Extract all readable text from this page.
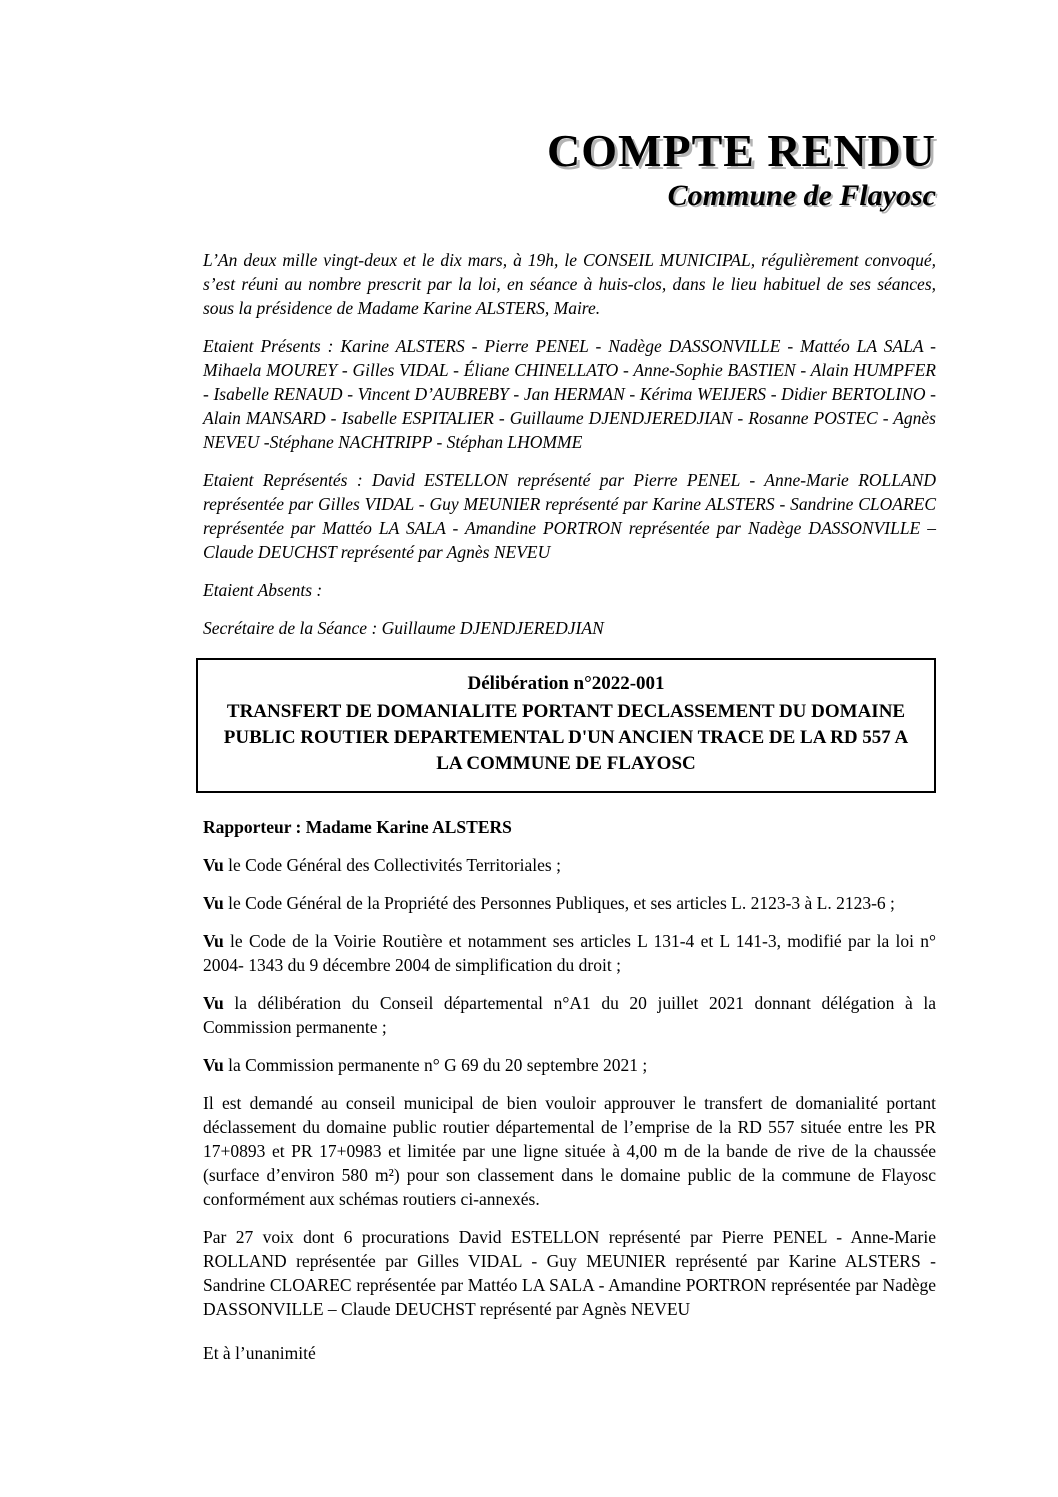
COMPTE RENDU
Commune de Flayosc

L’An deux mille vingt-deux et le dix mars, à 19h, le CONSEIL MUNICIPAL, régulièrement convoqué, s’est réuni au nombre prescrit par la loi, en séance à huis-clos, dans le lieu habituel de ses séances, sous la présidence de Madame Karine ALSTERS, Maire.

Etaient Présents : Karine ALSTERS - Pierre PENEL - Nadège DASSONVILLE - Mattéo LA SALA - Mihaela MOUREY - Gilles VIDAL - Éliane CHINELLATO - Anne-Sophie BASTIEN - Alain HUMPFER - Isabelle RENAUD - Vincent D’AUBREBY - Jan HERMAN - Kérima WEIJERS - Didier BERTOLINO - Alain MANSARD - Isabelle ESPITALIER - Guillaume DJENDJEREDJIAN - Rosanne POSTEC - Agnès NEVEU -Stéphane NACHTRIPP - Stéphan LHOMME

Etaient Représentés : David ESTELLON représenté par Pierre PENEL - Anne-Marie ROLLAND représentée par Gilles VIDAL - Guy MEUNIER représenté par Karine ALSTERS - Sandrine CLOAREC représentée par Mattéo LA SALA - Amandine PORTRON représentée par Nadège DASSONVILLE – Claude DEUCHST représenté par Agnès NEVEU

Etaient Absents :

Secrétaire de la Séance : Guillaume DJENDJEREDJIAN

Délibération n°2022-001
TRANSFERT DE DOMANIALITE PORTANT DECLASSEMENT DU DOMAINE PUBLIC ROUTIER DEPARTEMENTAL D'UN ANCIEN TRACE DE LA RD 557 A LA COMMUNE DE FLAYOSC

Rapporteur : Madame Karine ALSTERS

Vu le Code Général des Collectivités Territoriales ;

Vu le Code Général de la Propriété des Personnes Publiques, et ses articles L. 2123-3 à L. 2123-6 ;

Vu le Code de la Voirie Routière et notamment ses articles L 131-4 et L 141-3, modifié par la loi n° 2004- 1343 du 9 décembre 2004 de simplification du droit ;

Vu la délibération du Conseil départemental n°A1 du 20 juillet 2021 donnant délégation à la Commission permanente ;

Vu la Commission permanente n° G 69 du 20 septembre 2021 ;

Il est demandé au conseil municipal de bien vouloir approuver le transfert de domanialité portant déclassement du domaine public routier départemental de l’emprise de la RD 557 située entre les PR 17+0893 et PR 17+0983 et limitée par une ligne située à 4,00 m de la bande de rive de la chaussée (surface d’environ 580 m²) pour son classement dans le domaine public de la commune de Flayosc conformément aux schémas routiers ci-annexés.

Par 27 voix dont 6 procurations David ESTELLON représenté par Pierre PENEL - Anne-Marie ROLLAND représentée par Gilles VIDAL - Guy MEUNIER représenté par Karine ALSTERS - Sandrine CLOAREC représentée par Mattéo LA SALA - Amandine PORTRON représentée par Nadège DASSONVILLE – Claude DEUCHST représenté par Agnès NEVEU

Et à l’unanimité
